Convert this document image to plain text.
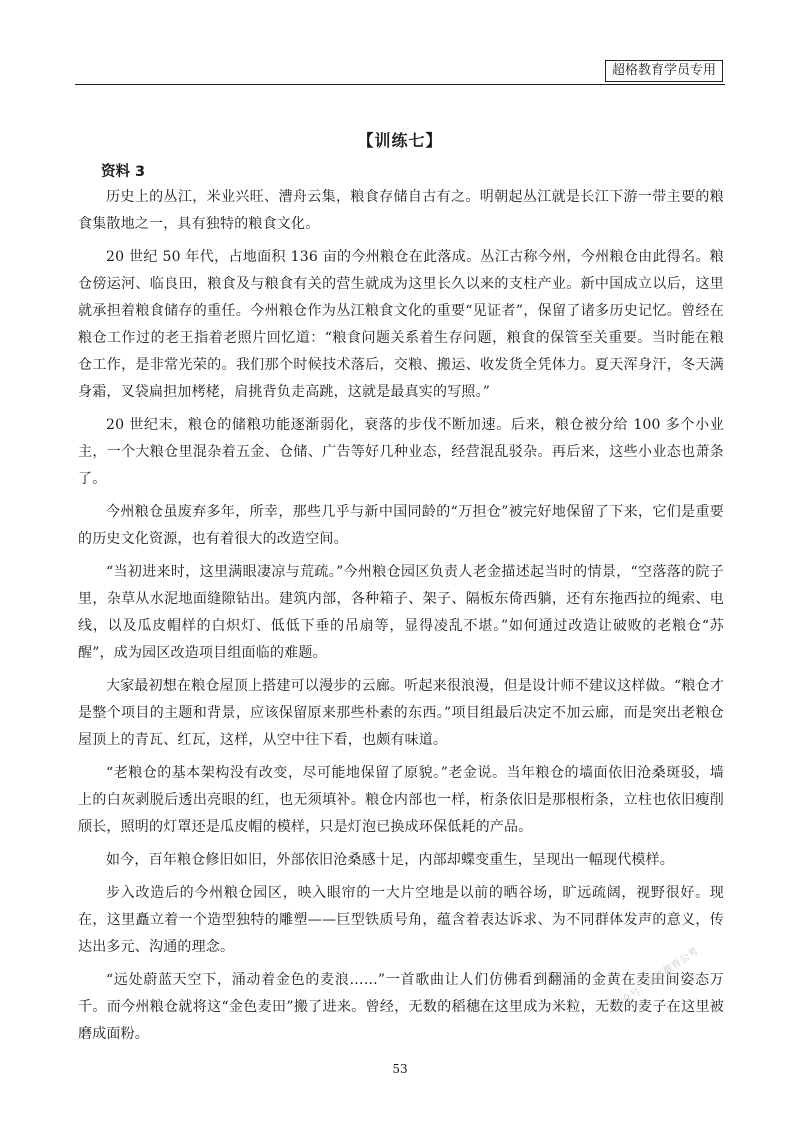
超格教育学员专用
【训练七】
资料 3

历史上的丛江，米业兴旺、漕舟云集，粮食存储自古有之。明朝起丛江就是长江下游一带主要的粮食集散地之一，具有独特的粮食文化。

20 世纪 50 年代，占地面积 136 亩的今州粮仓在此落成。丛江古称今州，今州粮仓由此得名。粮仓傍运河、临良田，粮食及与粮食有关的营生就成为这里长久以来的支柱产业。新中国成立以后，这里就承担着粮食储存的重任。今州粮仓作为丛江粮食文化的重要“见证者”，保留了诸多历史记忆。曾经在粮仓工作过的老王指着老照片回忆道：“粮食问题关系着生存问题，粮食的保管至关重要。当时能在粮仓工作，是非常光荣的。我们那个时候技术落后，交粮、搬运、收发货全凭体力。夏天浑身汗，冬天满身霜，叉袋扁担加栲栳，肩挑背负走高跳，这就是最真实的写照。”

20 世纪末，粮仓的储粮功能逐渐弱化，衰落的步伐不断加速。后来，粮仓被分给 100 多个小业主，一个大粮仓里混杂着五金、仓储、广告等好几种业态，经营混乱驳杂。再后来，这些小业态也萧条了。

今州粮仓虽废弃多年，所幸，那些几乎与新中国同龄的“万担仓”被完好地保留了下来，它们是重要的历史文化资源，也有着很大的改造空间。

“当初进来时，这里满眼凄凉与荒疏。”今州粮仓园区负责人老金描述起当时的情景，“空落落的院子里，杂草从水泥地面缝隙钻出。建筑内部，各种箱子、架子、隔板东倚西躺，还有东拖西拉的绳索、电线，以及瓜皮帽样的白炽灯、低低下垂的吊扇等，显得凌乱不堪。”如何通过改造让破败的老粮仓“苏醒”，成为园区改造项目组面临的难题。

大家最初想在粮仓屋顶上搭建可以漫步的云廊。听起来很浪漫，但是设计师不建议这样做。“粮仓才是整个项目的主题和背景，应该保留原来那些朴素的东西。”项目组最后决定不加云廊，而是突出老粮仓屋顶上的青瓦、红瓦，这样，从空中往下看，也颇有味道。

“老粮仓的基本架构没有改变，尽可能地保留了原貌。”老金说。当年粮仓的墙面依旧沧桑斑驳，墙上的白灰剥脱后透出亮眼的红，也无须填补。粮仓内部也一样，桁条依旧是那根桁条，立柱也依旧瘦削颀长，照明的灯罩还是瓜皮帽的模样，只是灯泡已换成环保低耗的产品。

如今，百年粮仓修旧如旧，外部依旧沧桑感十足，内部却蝶变重生，呈现出一幅现代模样。

步入改造后的今州粮仓园区，映入眼帘的一大片空地是以前的晒谷场，旷远疏阔，视野很好。现在，这里矗立着一个造型独特的雕塑——巨型铁质号角，蕴含着表达诉求、为不同群体发声的意义，传达出多元、沟通的理念。

“远处蔚蓝天空下，涌动着金色的麦浪……”一首歌曲让人们仿佛看到翻涌的金黄在麦田间姿态万千。而今州粮仓就将这“金色麦田”搬了进来。曾经，无数的稻穗在这里成为米粒，无数的麦子在这里被磨成面粉。

公众号：超格教育公考
53
